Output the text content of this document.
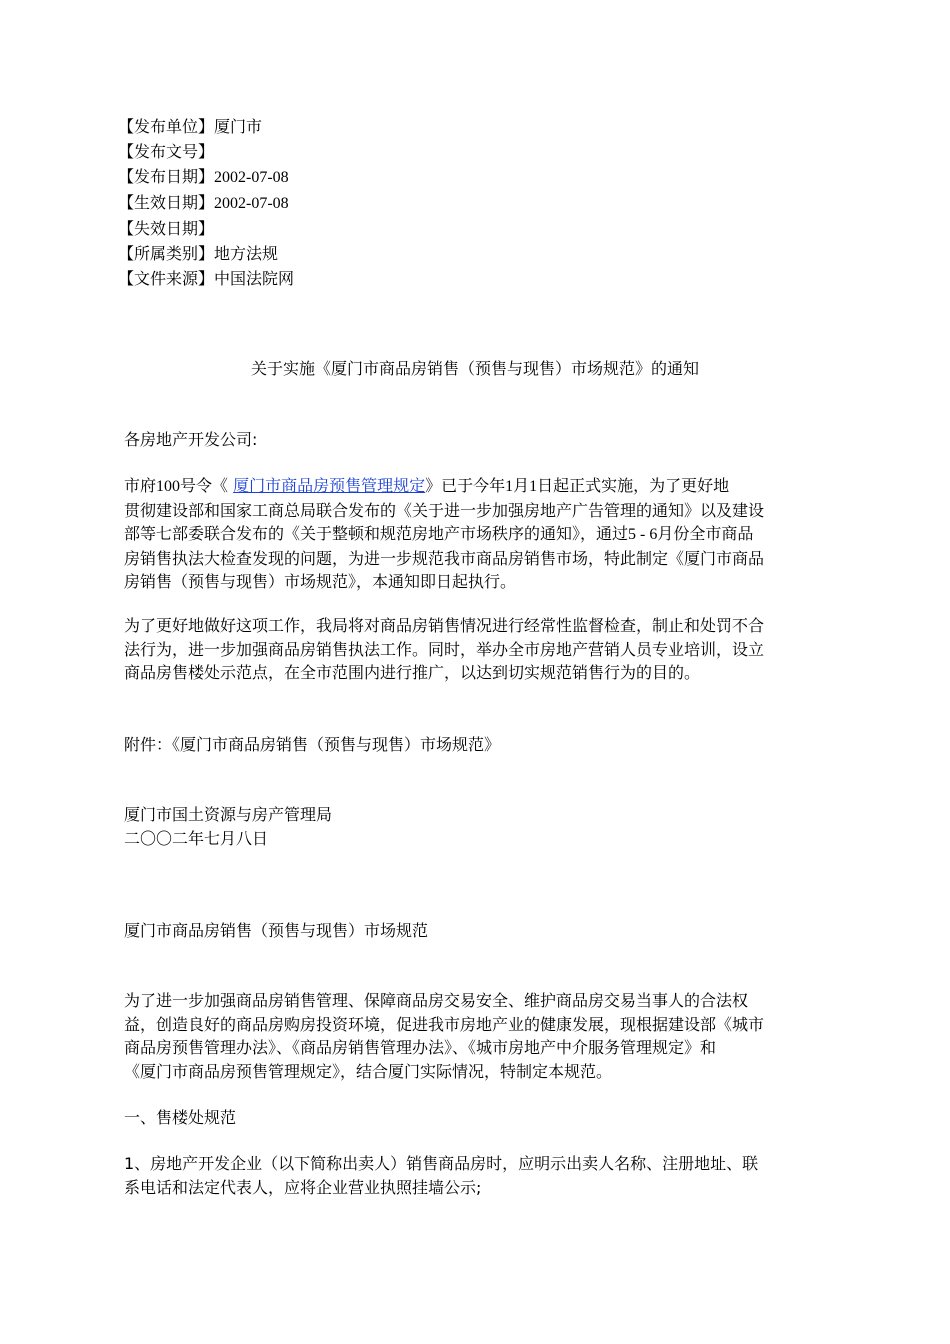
【发布单位】厦门市
【发布文号】
【发布日期】2002-07-08
【生效日期】2002-07-08
【失效日期】
【所属类别】地方法规
【文件来源】中国法院网
关于实施《厦门市商品房销售（预售与现售）市场规范》的通知
各房地产开发公司:
市府100号令《 厦门市商品房预售管理规定》已于今年1月1日起正式实施，为了更好地
贯彻建设部和国家工商总局联合发布的《关于进一步加强房地产广告管理的通知》以及建设
部等七部委联合发布的《关于整顿和规范房地产市场秩序的通知》，通过5 - 6月份全市商品
房销售执法大检查发现的问题，为进一步规范我市商品房销售市场，特此制定《厦门市商品
房销售（预售与现售）市场规范》，本通知即日起执行。
为了更好地做好这项工作，我局将对商品房销售情况进行经常性监督检查，制止和处罚不合
法行为，进一步加强商品房销售执法工作。同时，举办全市房地产营销人员专业培训，设立
商品房售楼处示范点，在全市范围内进行推广，以达到切实规范销售行为的目的。
附件：《厦门市商品房销售（预售与现售）市场规范》
厦门市国土资源与房产管理局
二〇〇二年七月八日
厦门市商品房销售（预售与现售）市场规范
为了进一步加强商品房销售管理、保障商品房交易安全、维护商品房交易当事人的合法权
益，创造良好的商品房购房投资环境，促进我市房地产业的健康发展，现根据建设部《城市
商品房预售管理办法》、《商品房销售管理办法》、《城市房地产中介服务管理规定》和
《厦门市商品房预售管理规定》，结合厦门实际情况，特制定本规范。
一、售楼处规范
1、房地产开发企业（以下简称出卖人）销售商品房时，应明示出卖人名称、注册地址、联
系电话和法定代表人，应将企业营业执照挂墙公示;
